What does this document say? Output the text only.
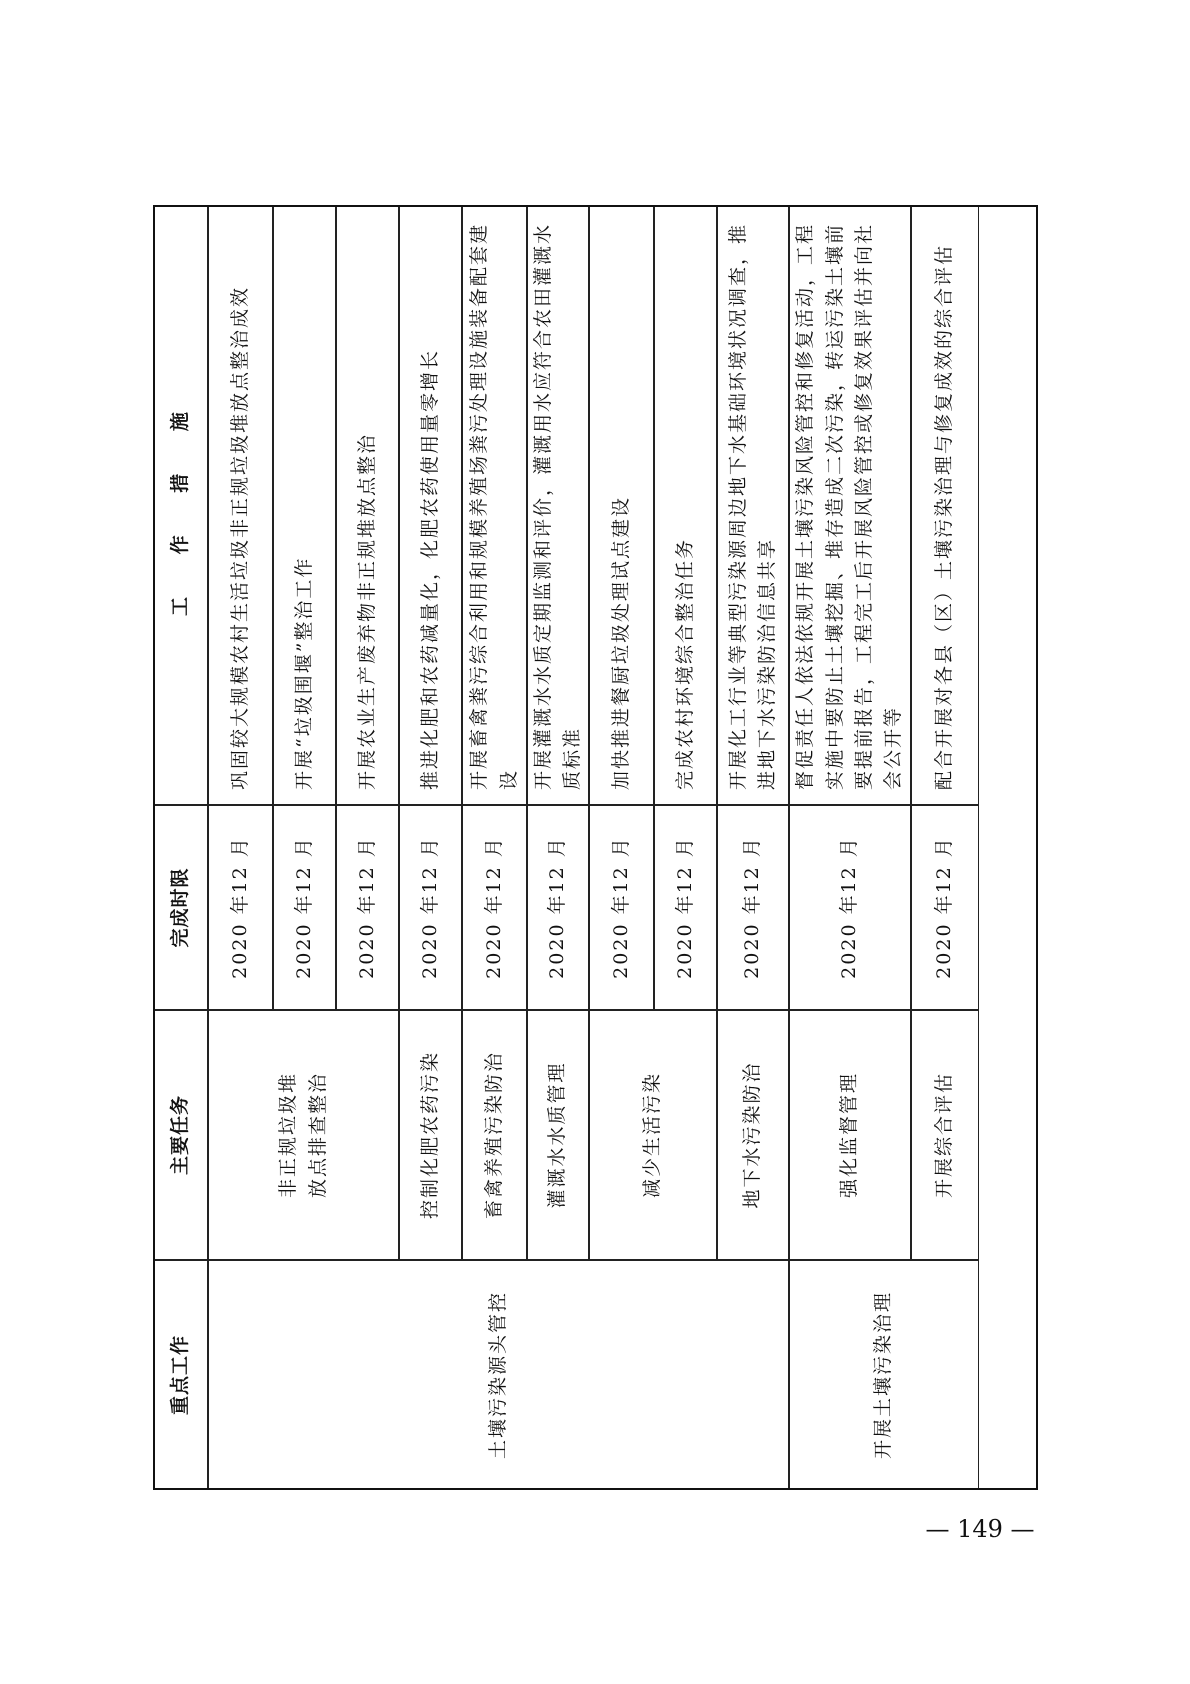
重点工作
主要任务
完成时限
工 作 措 施
2020 年12 月
巩固较大规模农村生活垃圾非正规垃圾堆放点整治成效
2020 年12 月
开展“垃圾围堰”整治工作
2020 年12 月
开展农业生产废弃物非正规堆放点整治
非正规垃圾堆放点排查整治
2020 年12 月
推进化肥和农药减量化，化肥农药使用量零增长
控制化肥农药污染
2020 年12 月
开展畜禽粪污综合利用和规模养殖场粪污处理设施装备配套建设
畜禽养殖污染防治
2020 年12 月
开展灌溉水水质定期监测和评价，灌溉用水应符合农田灌溉水质标准
灌溉水水质管理
2020 年12 月
加快推进餐厨垃圾处理试点建设
2020 年12 月
完成农村环境综合整治任务
减少生活污染
2020 年12 月
开展化工行业等典型污染源周边地下水基础环境状况调查，推进地下水污染防治信息共享
地下水污染防治
土壤污染源头管控
2020 年12 月
督促责任人依法依规开展土壤污染风险管控和修复活动，工程实施中要防止土壤挖掘、堆存造成二次污染，转运污染土壤前要提前报告，工程完工后开展风险管控或修复效果评估并向社会公开等
强化监督管理
2020 年12 月
配合开展对各县（区）土壤污染治理与修复成效的综合评估
开展综合评估
开展土壤污染治理
— 149 —
